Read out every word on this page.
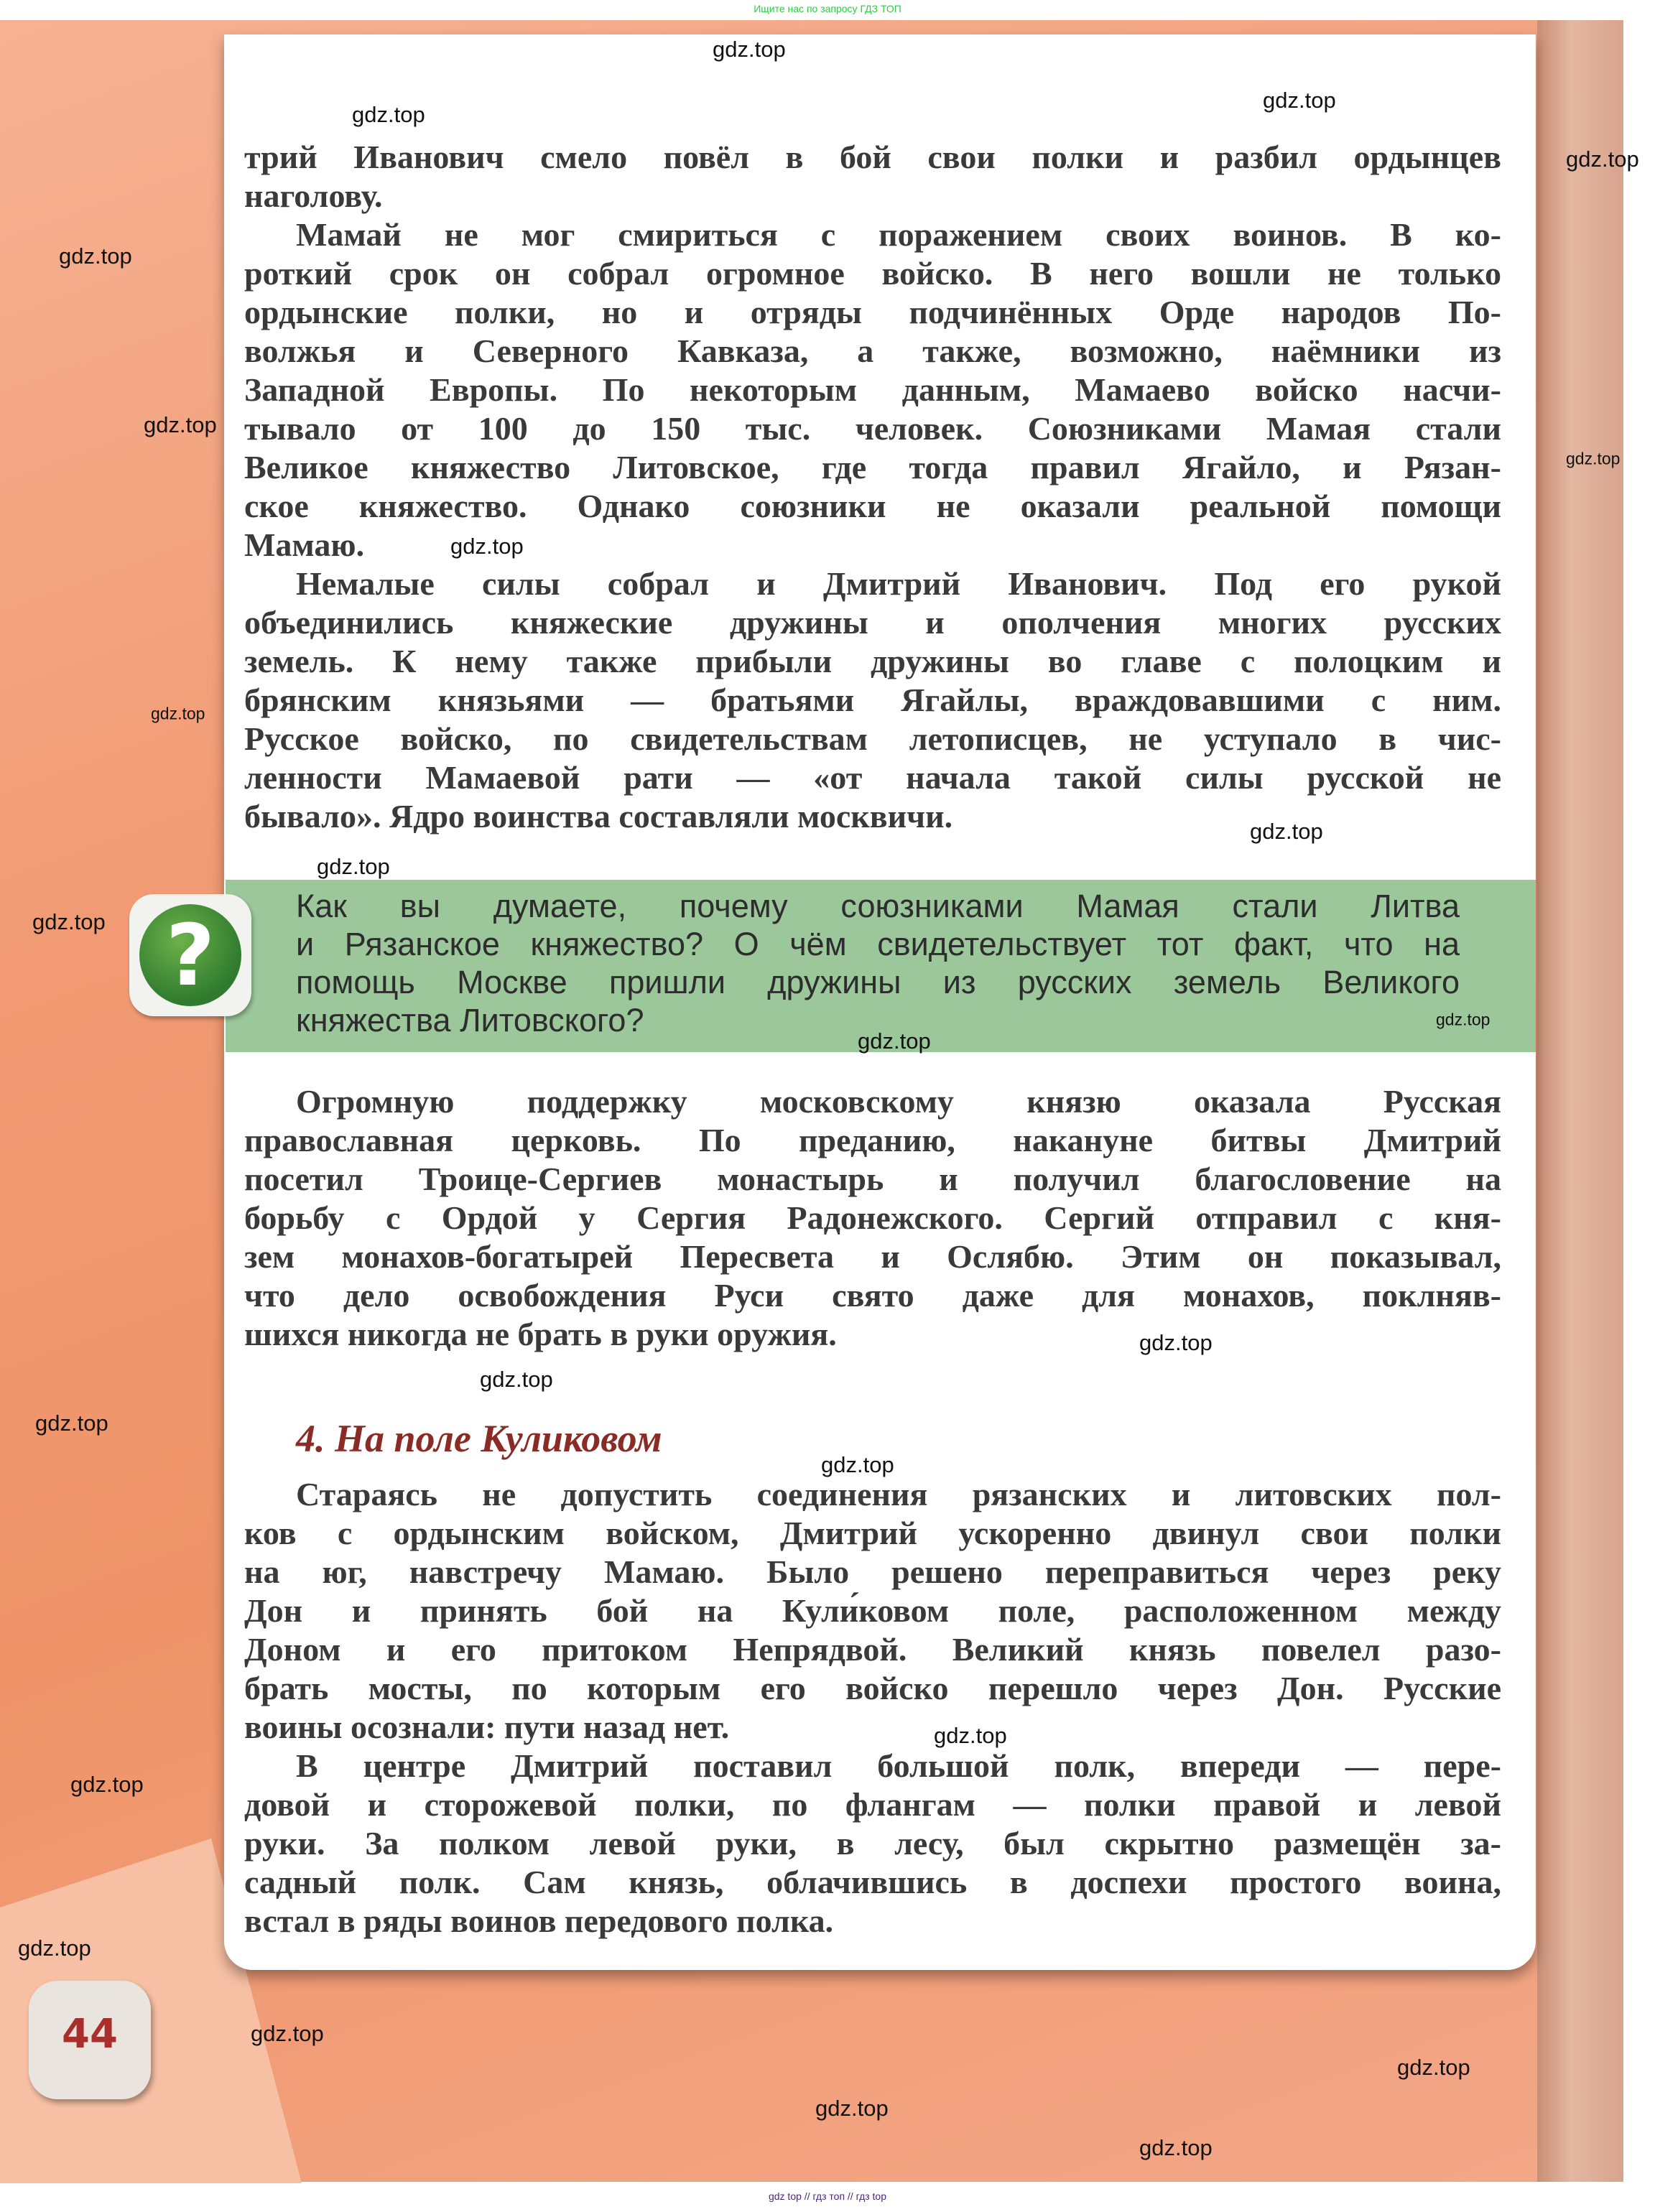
Ищите нас по запросу ГДЗ ТОП
трий Иванович смело повёл в бой свои полки и разбил ордынцев
наголову.
Мамай не мог смириться с поражением своих воинов. В ко-
роткий срок он собрал огромное войско. В него вошли не только
ордынские полки, но и отряды подчинённых Орде народов По-
волжья и Северного Кавказа, а также, возможно, наёмники из
Западной Европы. По некоторым данным, Мамаево войско насчи-
тывало от 100 до 150 тыс. человек. Союзниками Мамая стали
Великое княжество Литовское, где тогда правил Ягайло, и Рязан-
ское княжество. Однако союзники не оказали реальной помощи
Мамаю.
Немалые силы собрал и Дмитрий Иванович. Под его рукой
объединились княжеские дружины и ополчения многих русских
земель. К нему также прибыли дружины во главе с полоцким и
брянским князьями — братьями Ягайлы, враждовавшими с ним.
Русское войско, по свидетельствам летописцев, не уступало в чис-
ленности Мамаевой рати — «от начала такой силы русской не
бывало». Ядро воинства составляли москвичи.
?	Как вы думаете, почему союзниками Мамая стали Литва
и Рязанское княжество? О чём свидетельствует тот факт, что на
помощь Москве пришли дружины из русских земель Великого
княжества Литовского?
Огромную поддержку московскому князю оказала Русская
православная церковь. По преданию, накануне битвы Дмитрий
посетил Троице-Сергиев монастырь и получил благословение на
борьбу с Ордой у Сергия Радонежского. Сергий отправил с кня-
зем монахов-богатырей Пересвета и Ослябю. Этим он показывал,
что дело освобождения Руси свято даже для монахов, поклняв-
шихся никогда не брать в руки оружия.
4. На поле Куликовом
Стараясь не допустить соединения рязанских и литовских пол-
ков с ордынским войском, Дмитрий ускоренно двинул свои полки
на юг, навстречу Мамаю. Было решено переправиться через реку
Дон и принять бой на Кули́ковом поле, расположенном между
Доном и его притоком Непрядвой. Великий князь повелел разо-
брать мосты, по которым его войско перешло через Дон. Русские
воины осознали: пути назад нет.
В центре Дмитрий поставил большой полк, впереди — пере-
довой и сторожевой полки, по флангам — полки правой и левой
руки. За полком левой руки, в лесу, был скрытно размещён за-
садный полк. Сам князь, облачившись в доспехи простого воина,
встал в ряды воинов передового полка.
44
gdz.top
gdz.top
gdz.top
gdz.top
gdz.top
gdz.top
gdz.top
gdz.top
gdz.top
gdz.top
gdz.top
gdz.top
gdz.top
gdz.top
gdz.top
gdz.top
gdz.top
gdz.top
gdz.top
gdz.top
gdz.top
gdz.top
gdz.top
gdz.top
gdz.top
gdz top // гдз топ // гдз top
